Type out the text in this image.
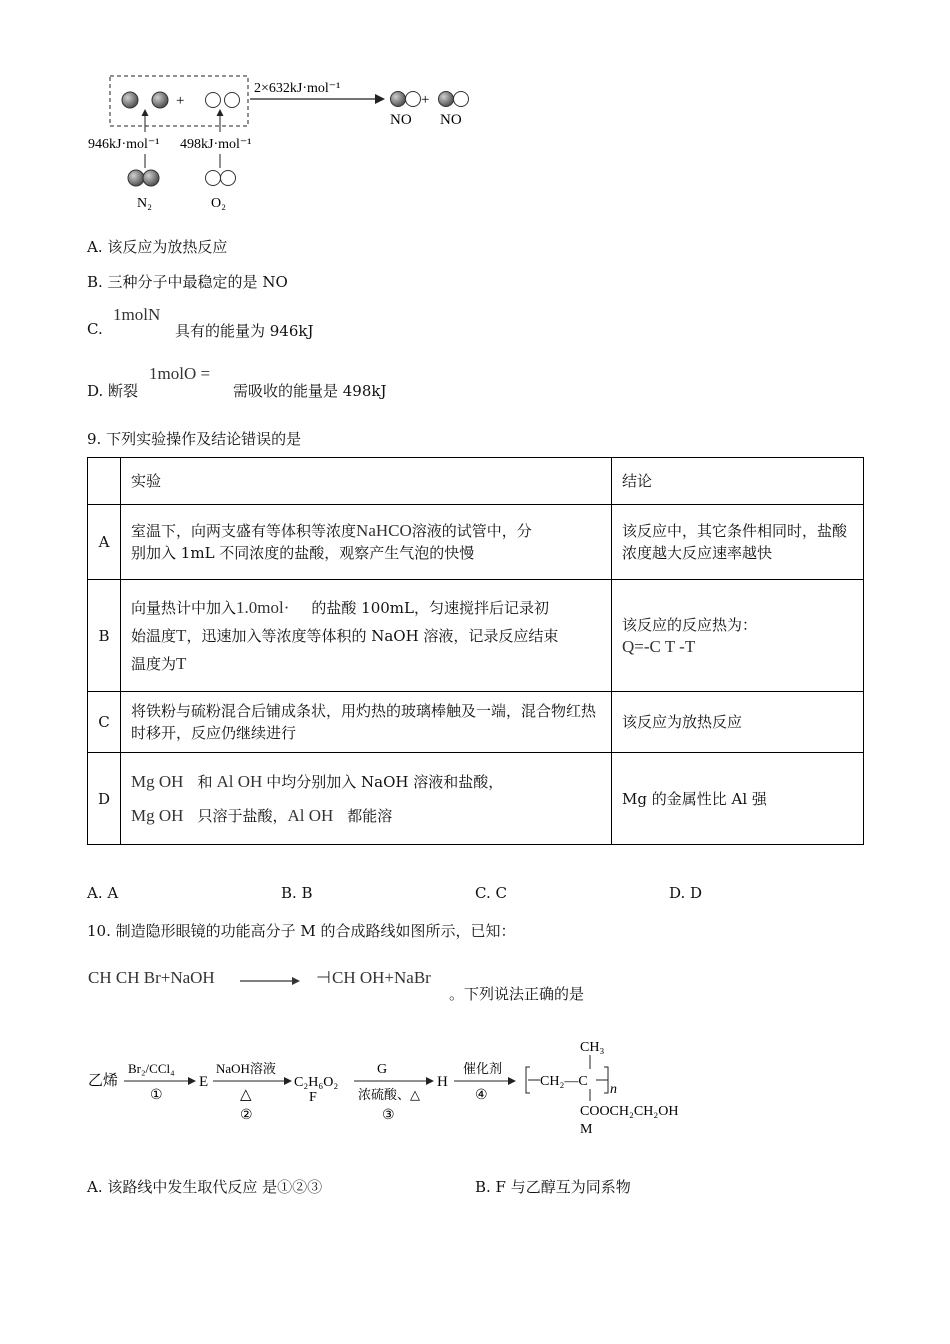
+
2×632kJ·mol⁻¹
+
NO NO
946kJ·mol⁻¹ 498kJ·mol⁻¹
N₂	O₂
A. 该反应为放热反应
B. 三种分子中最稳定的是 NO
C.
1molN
具有的能量为 946kJ
D. 断裂
1molO =
需吸收的能量是 498kJ
9. 下列实验操作及结论错误的是
	实验	结论
A	室温下，向两支盛有等体积等浓度NaHCO溶液的试管中，分
别加入 1mL 不同浓度的盐酸，观察产生气泡的快慢	该反应中，其它条件相同时，盐酸浓度越大反应速率越快
B	向量热计中加入1.0mol· 的盐酸 100mL，匀速搅拌后记录初
始温度T，迅速加入等浓度等体积的 NaOH 溶液，记录反应结束
温度为T	该反应的反应热为：
Q=-C T -T
C	将铁粉与硫粉混合后铺成条状，用灼热的玻璃棒触及一端，混合物红热时移开，反应仍继续进行	该反应为放热反应
D	Mg OH 和 Al OH 中均分别加入 NaOH 溶液和盐酸，
Mg OH 只溶于盐酸，Al OH 都能溶	Mg 的金属性比 Al 强
A. A	B. B	C. C	D. D
10. 制造隐形眼镜的功能高分子 M 的合成路线如图所示，已知：
CH CH Br+NaOH → ⊣ CH OH+NaBr
。下列说法正确的是
乙烯
Br₂/CCl₄
①
E
NaOH溶液
△
②
C₂H₆O₂
F
G
浓硫酸、△
③
H
催化剂
④
CH₃
CH₂—C
n
COOCH₂CH₂OH
M
A. 该路线中发生取代反应 是①②③	B. F 与乙醇互为同系物
